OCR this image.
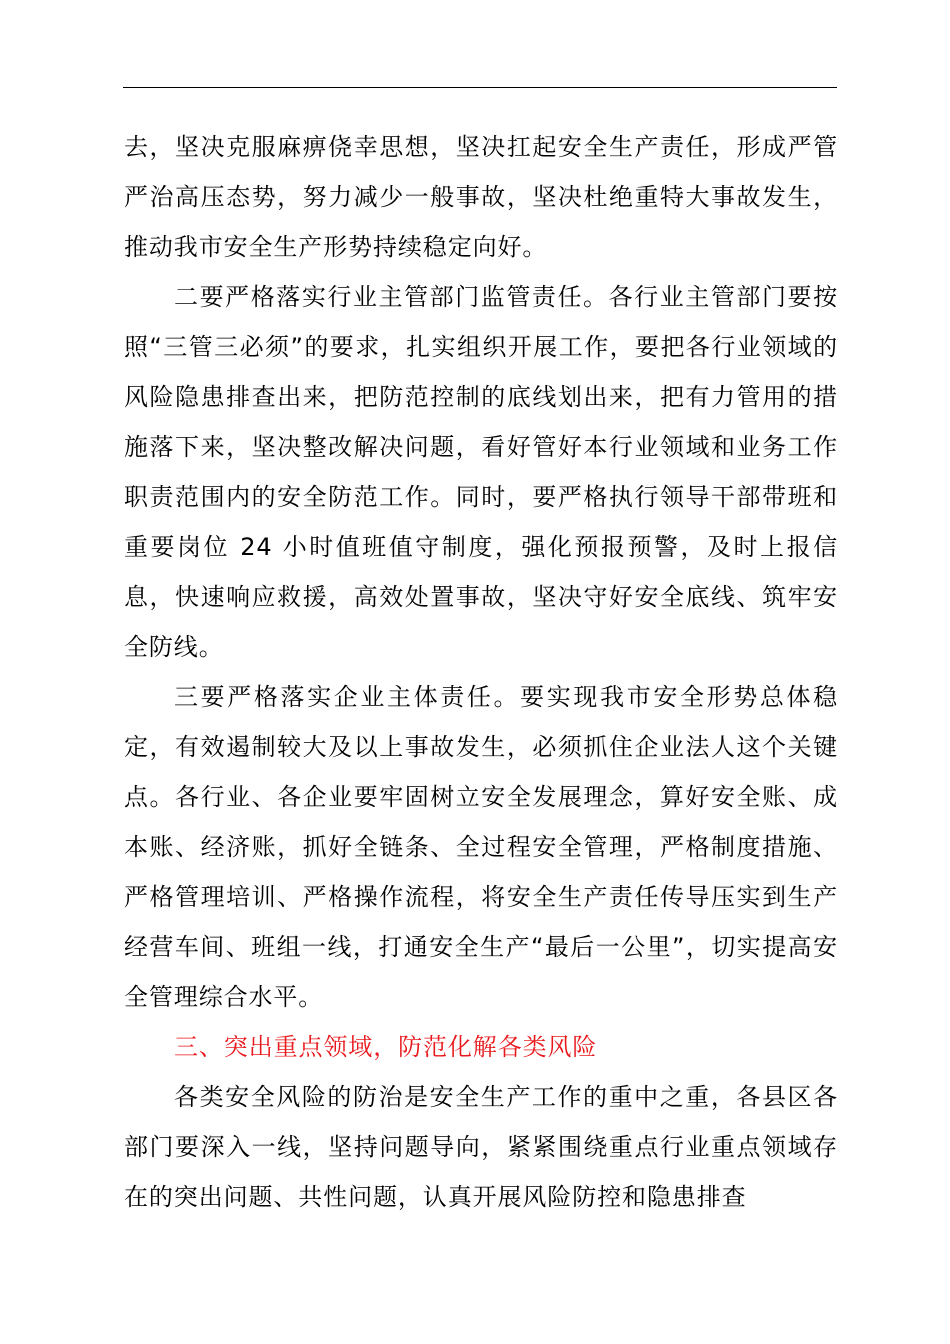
去，坚决克服麻痹侥幸思想，坚决扛起安全生产责任，形成严管严治高压态势，努力减少一般事故，坚决杜绝重特大事故发生，推动我市安全生产形势持续稳定向好。

二要严格落实行业主管部门监管责任。各行业主管部门要按照“三管三必须”的要求，扎实组织开展工作，要把各行业领域的风险隐患排查出来，把防范控制的底线划出来，把有力管用的措施落下来，坚决整改解决问题，看好管好本行业领域和业务工作职责范围内的安全防范工作。同时，要严格执行领导干部带班和重要岗位 24 小时值班值守制度，强化预报预警，及时上报信息，快速响应救援，高效处置事故，坚决守好安全底线、筑牢安全防线。

三要严格落实企业主体责任。要实现我市安全形势总体稳定，有效遏制较大及以上事故发生，必须抓住企业法人这个关键点。各行业、各企业要牢固树立安全发展理念，算好安全账、成本账、经济账，抓好全链条、全过程安全管理，严格制度措施、严格管理培训、严格操作流程，将安全生产责任传导压实到生产经营车间、班组一线，打通安全生产“最后一公里”，切实提高安全管理综合水平。

三、突出重点领域，防范化解各类风险

各类安全风险的防治是安全生产工作的重中之重，各县区各部门要深入一线，坚持问题导向，紧紧围绕重点行业重点领域存在的突出问题、共性问题，认真开展风险防控和隐患排查
